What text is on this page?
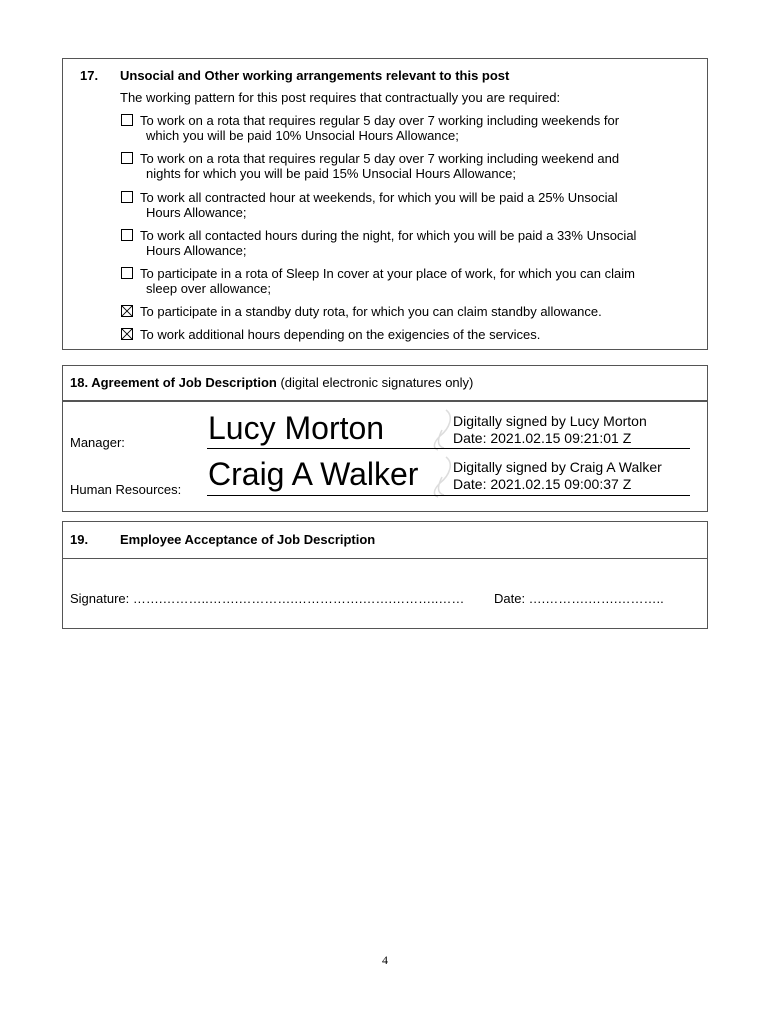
17. Unsocial and Other working arrangements relevant to this post
The working pattern for this post requires that contractually you are required:
To work on a rota that requires regular 5 day over 7 working including weekends for
which you will be paid 10% Unsocial Hours Allowance;
To work on a rota that requires regular 5 day over 7 working including weekend and
nights for which you will be paid 15% Unsocial Hours Allowance;
To work all contracted hour at weekends, for which you will be paid a 25% Unsocial
Hours Allowance;
To work all contacted hours during the night, for which you will be paid a 33% Unsocial
Hours Allowance;
To participate in a rota of Sleep In cover at your place of work, for which you can claim
sleep over allowance;
To participate in a standby duty rota, for which you can claim standby allowance.
To work additional hours depending on the exigencies of the services.
18. Agreement of Job Description (digital electronic signatures only)
Manager:	Lucy Morton	Digitally signed by Lucy Morton
Date: 2021.02.15 09:21:01 Z
Human Resources: Craig A Walker Digitally signed by Craig A Walker
Date: 2021.02.15 09:00:37 Z
19. Employee Acceptance of Job Description
Signature: …….………..…….………….…………….…….………..…… Date: ….……….…….………..
4
